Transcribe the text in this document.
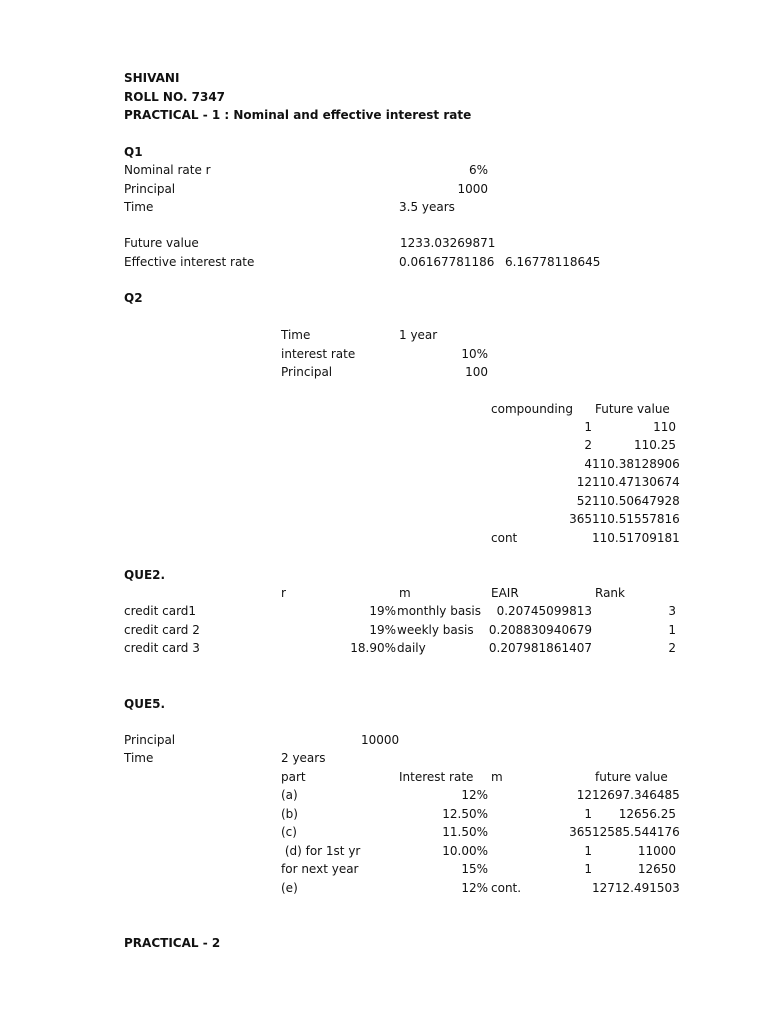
SHIVANI
ROLL NO. 7347
PRACTICAL - 1 : Nominal and effective interest rate
Q1
Nominal rate r	6%
Principal	1000
Time	3.5 years
Future value	1233.03269871
Effective interest rate	0.06167781186 6.16778118645
Q2
Time	1 year
interest rate	10%
Principal	100
compounding Future value
1	110
2	110.25
4 110.38128906
12 110.47130674
52 110.50647928
365 110.51557816
cont	110.51709181
QUE2.
r	m	EAIR	Rank
credit card1	19% monthly basis	0.20745099813	3
credit card 2	19% weekly basis	0.208830940679	1
credit card 3	18.90% daily	0.207981861407	2
QUE5.
Principal	10000
Time	2 years
part	Interest rate m	future value
(a)	12%	12 12697.346485
(b)	12.50%	1	12656.25
(c)	11.50%	365 12585.544176
(d) for 1st yr	10.00%	1	11000
for next year	15%	1	12650
(e)	12% cont.	12712.491503
PRACTICAL - 2
